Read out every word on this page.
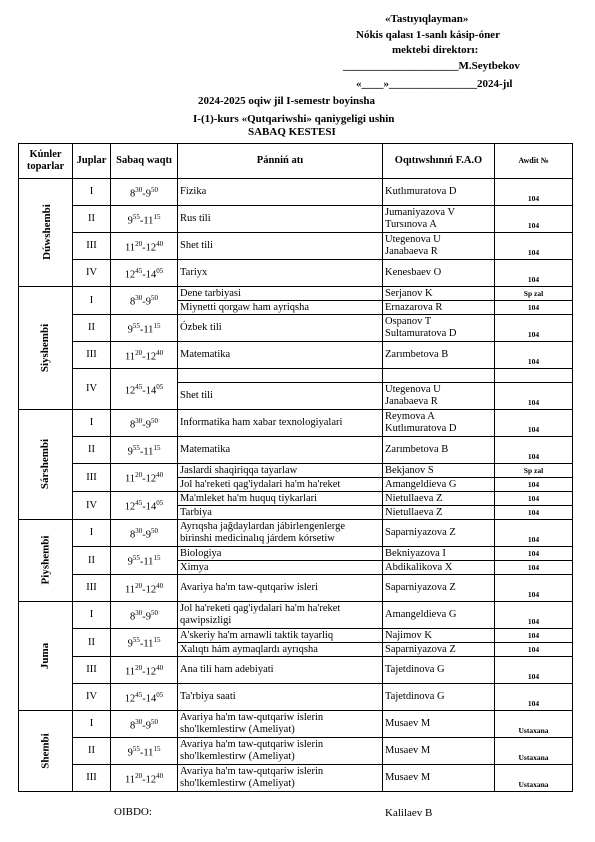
«Tastıyıqlayman»
Nókis qalası 1-sanlı kásip-óner
mektebi direktorı:
_____________________M.Seytbekov
«____»________________2024-jıl
2024-2025 oqiw jil I-semestr boyinsha
I-(1)-kurs «Qutqariwshi» qaniygeligi ushin
SABAQ KESTESI
Kúnler toparlar	Juplar	Sabaq waqtı	Pánniń atı	Oqıtıwshınıń F.A.O	Awdit №
Dúwshembi	I	$8^{30}-9^{50}$	Fizika	Kutlımuratova D	104
	II	$9^{55}-11^{15}$	Rus tili	Jumaniyazova V
Tursınova A	104
	III	$11^{20}-12^{40}$	Shet tili	Utegenova U
Janabaeva R	104
	IV	$12^{45}-14^{05}$	Tariyx	Kenesbaev O	104
Siyshembi	I	$8^{30}-9^{50}$	Dene tarbiyasi	Serjanov K	Sp zal
			Miynetti qorgaw ham ayriqsha	Ernazarova R	104
	II	$9^{55}-11^{15}$	Ózbek tili	Ospanov T
Sultamuratova D	104
	III	$11^{20}-12^{40}$	Matematika	Zarımbetova B	104
	IV	$12^{45}-14^{05}$			
			Shet tili	Utegenova U
Janabaeva R	104
Sárshembi	I	$8^{30}-9^{50}$	Informatika ham xabar texnologiyalari	Reymova A
Kutlımuratova D	104
	II	$9^{55}-11^{15}$	Matematika	Zarımbetova B	104
	III	$11^{20}-12^{40}$	Jaslardi shaqiriqqa tayarlaw	Bekjanov S	Sp zal
			Jol ha'reketi qag'iydalari ha'm ha'reket	Amangeldieva G	104
	IV	$12^{45}-14^{05}$	Ma'mleket ha'm huquq tiykarlari	Nietullaeva Z	104
			Tarbiya	Nietullaeva Z	104
Piyshembi	I	$8^{30}-9^{50}$	Ayrıqsha jağdaylardan jábirlengenlerge
birinshi medicinalıq járdem kórsetiw	Saparniyazova Z	104
	II	$9^{55}-11^{15}$	Biologiya	Bekniyazova I	104
			Ximya	Abdikalikova X	104
	III	$11^{20}-12^{40}$	Avariya ha'm taw-qutqariw isleri	Saparniyazova Z	104
Juma	I	$8^{30}-9^{50}$	Jol ha'reketi qag'iydalari ha'm ha'reket
qawipsizligi	Amangeldieva G	104
	II	$9^{55}-11^{15}$	A'skeriy ha'm arnawli taktik tayarliq	Najimov K	104
			Xalıqtı hám aymaqlardı ayrıqsha	Saparniyazova Z	104
	III	$11^{20}-12^{40}$	Ana tili ham adebiyati	Tajetdinova G	104
	IV	$12^{45}-14^{05}$	Ta'rbiya saati	Tajetdinova G	104
Shembi	I	$8^{30}-9^{50}$	Avariya ha'm taw-qutqariw islerin
sho'lkemlestirw (Ameliyat)	Musaev M	Ustaxana
	II	$9^{55}-11^{15}$	Avariya ha'm taw-qutqariw islerin
sho'lkemlestirw (Ameliyat)	Musaev M	Ustaxana
	III	$11^{20}-12^{40}$	Avariya ha'm taw-qutqariw islerin
sho'lkemlestirw (Ameliyat)	Musaev M	Ustaxana
OIBDO:	Kalilaev B
